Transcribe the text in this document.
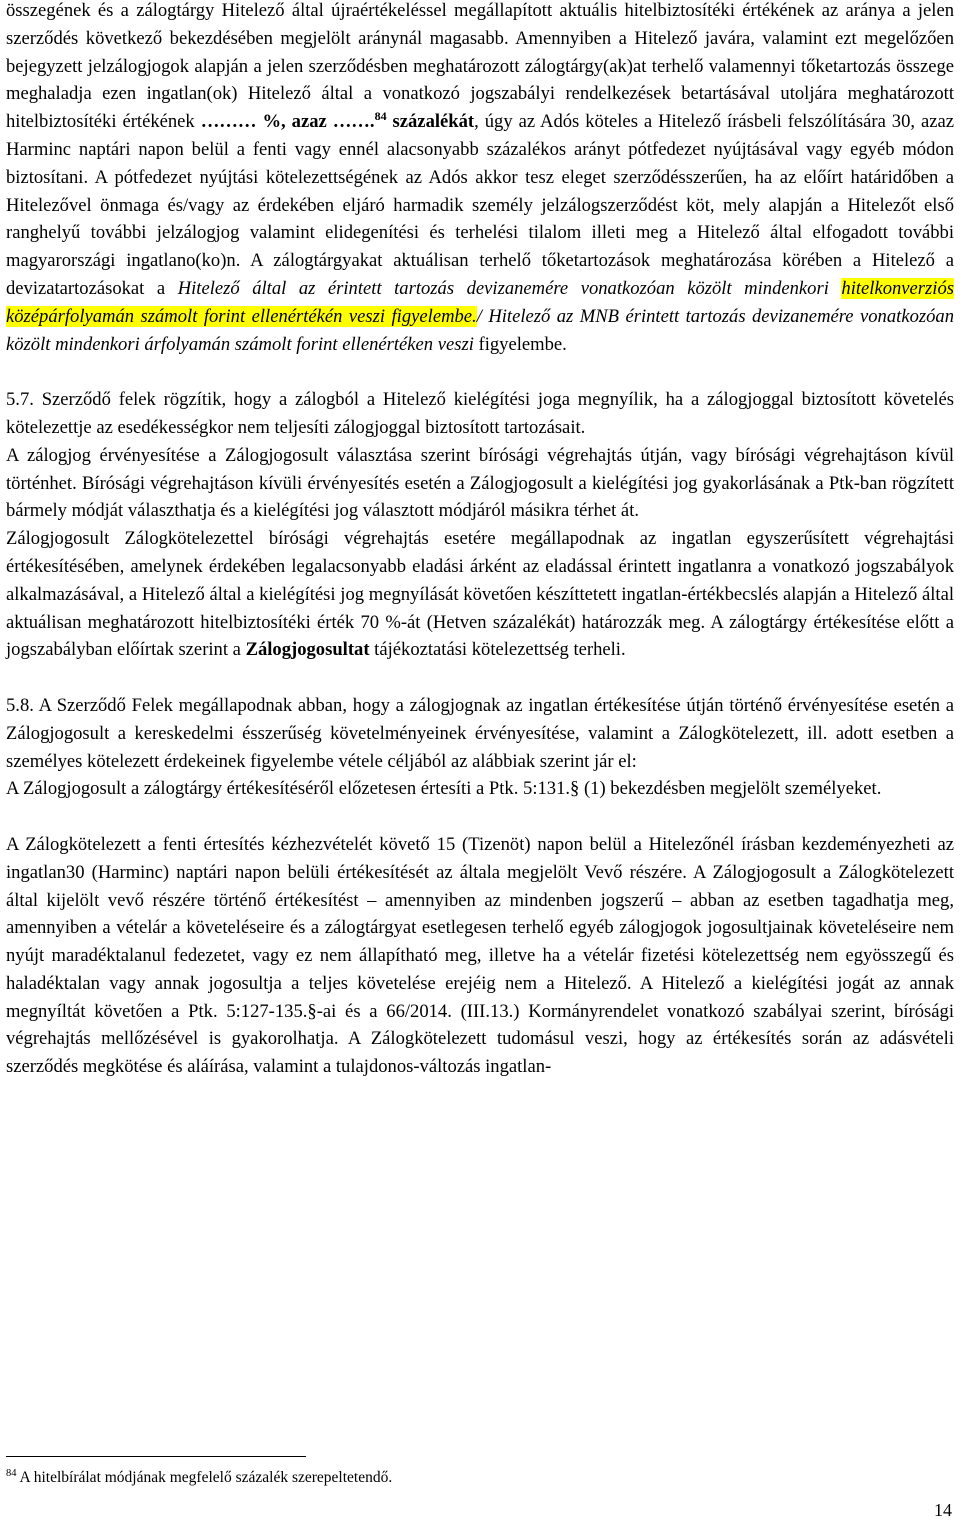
összegének és a zálogtárgy Hitelező által újraértékeléssel megállapított aktuális hitelbiztosítéki értékének az aránya a jelen szerződés következő bekezdésében megjelölt aránynál magasabb. Amennyiben a Hitelező javára, valamint ezt megelőzően bejegyzett jelzálogjogok alapján a jelen szerződésben meghatározott zálogtárgy(ak)at terhelő valamennyi tőketartozás összege meghaladja ezen ingatlan(ok) Hitelező által a vonatkozó jogszabályi rendelkezések betartásával utoljára meghatározott hitelbiztosítéki értékének ……… %, azaz …….$^{84}$ százalékát, úgy az Adós köteles a Hitelező írásbeli felszólítására 30, azaz Harminc naptári napon belül a fenti vagy ennél alacsonyabb százalékos arányt pótfedezet nyújtásával vagy egyéb módon biztosítani. A pótfedezet nyújtási kötelezettségének az Adós akkor tesz eleget szerződésszerűen, ha az előírt határidőben a Hitelezővel önmaga és/vagy az érdekében eljáró harmadik személy jelzálogszerződést köt, mely alapján a Hitelezőt első ranghelyű további jelzálogjog valamint elidegenítési és terhelési tilalom illeti meg a Hitelező által elfogadott további magyarországi ingatlano(ko)n. A zálogtárgyakat aktuálisan terhelő tőketartozások meghatározása körében a Hitelező a devizatartozásokat a Hitelező által az érintett tartozás devizanemére vonatkozóan közölt mindenkori hitelkonverziós középárfolyamán számolt forint ellenértékén veszi figyelembe./ Hitelező az MNB érintett tartozás devizanemére vonatkozóan közölt mindenkori árfolyamán számolt forint ellenértéken veszi figyelembe.

5.7. Szerződő felek rögzítik, hogy a zálogból a Hitelező kielégítési joga megnyílik, ha a zálogjoggal biztosított követelés kötelezettje az esedékességkor nem teljesíti zálogjoggal biztosított tartozásait.

A zálogjog érvényesítése a Zálogjogosult választása szerint bírósági végrehajtás útján, vagy bírósági végrehajtáson kívül történhet. Bírósági végrehajtáson kívüli érvényesítés esetén a Zálogjogosult a kielégítési jog gyakorlásának a Ptk-ban rögzített bármely módját választhatja és a kielégítési jog választott módjáról másikra térhet át.

Zálogjogosult Zálogkötelezettel bírósági végrehajtás esetére megállapodnak az ingatlan egyszerűsített végrehajtási értékesítésében, amelynek érdekében legalacsonyabb eladási árként az eladással érintett ingatlanra a vonatkozó jogszabályok alkalmazásával, a Hitelező által a kielégítési jog megnyílását követően készíttetett ingatlan-értékbecslés alapján a Hitelező által aktuálisan meghatározott hitelbiztosítéki érték 70 %-át (Hetven százalékát) határozzák meg. A zálogtárgy értékesítése előtt a jogszabályban előírtak szerint a Zálogjogosultat tájékoztatási kötelezettség terheli.

5.8. A Szerződő Felek megállapodnak abban, hogy a zálogjognak az ingatlan értékesítése útján történő érvényesítése esetén a Zálogjogosult a kereskedelmi ésszerűség követelményeinek érvényesítése, valamint a Zálogkötelezett, ill. adott esetben a személyes kötelezett érdekeinek figyelembe vétele céljából az alábbiak szerint jár el:

A Zálogjogosult a zálogtárgy értékesítéséről előzetesen értesíti a Ptk. 5:131.§ (1) bekezdésben megjelölt személyeket.

A Zálogkötelezett a fenti értesítés kézhezvételét követő 15 (Tizenöt) napon belül a Hitelezőnél írásban kezdeményezheti az ingatlan30 (Harminc) naptári napon belüli értékesítését az általa megjelölt Vevő részére. A Zálogjogosult a Zálogkötelezett által kijelölt vevő részére történő értékesítést – amennyiben az mindenben jogszerű – abban az esetben tagadhatja meg, amennyiben a vételár a követeléseire és a zálogtárgyat esetlegesen terhelő egyéb zálogjogok jogosultjainak követeléseire nem nyújt maradéktalanul fedezetet, vagy ez nem állapítható meg, illetve ha a vételár fizetési kötelezettség nem egyösszegű és haladéktalan vagy annak jogosultja a teljes követelése erejéig nem a Hitelező. A Hitelező a kielégítési jogát az annak megnyíltát követően a Ptk. 5:127-135.§-ai és a 66/2014. (III.13.) Kormányrendelet vonatkozó szabályai szerint, bírósági végrehajtás mellőzésével is gyakorolhatja. A Zálogkötelezett tudomásul veszi, hogy az értékesítés során az adásvételi szerződés megkötése és aláírása, valamint a tulajdonos-változás ingatlan-

$^{84}$ A hitelbírálat módjának megfelelő százalék szerepeltetendő.
14
